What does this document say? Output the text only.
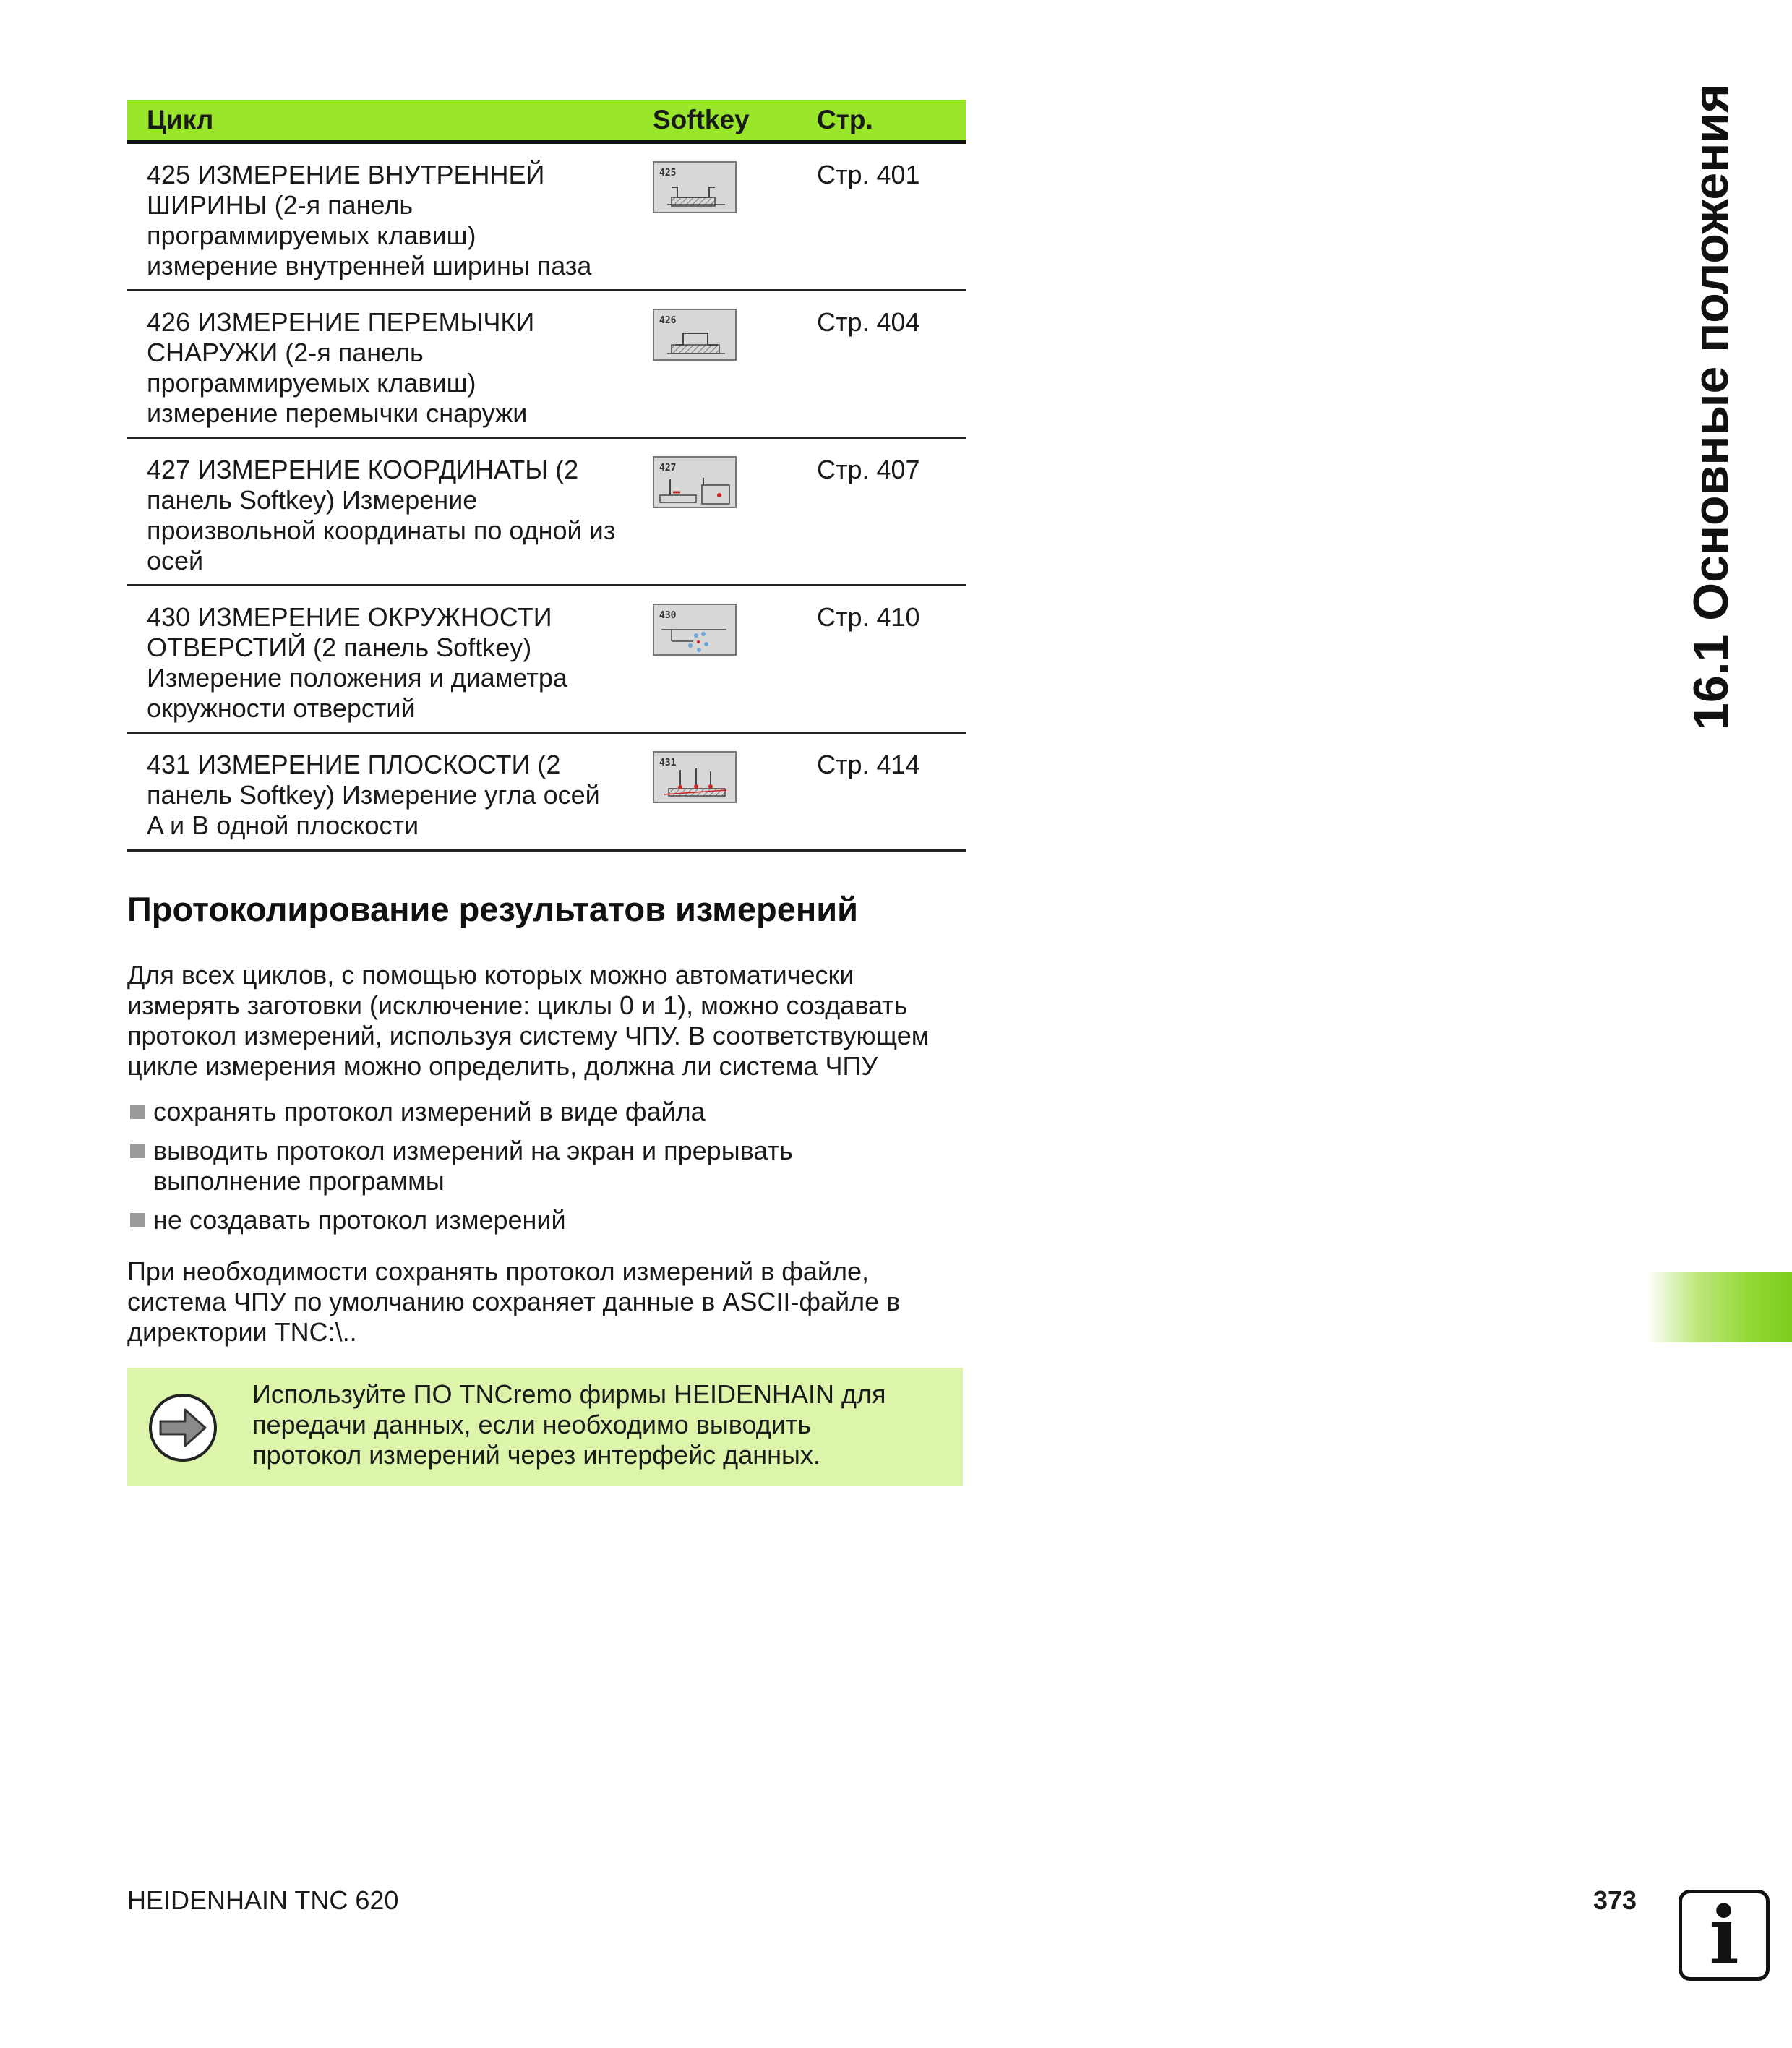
Цикл	Softkey	Стр.
425 ИЗМЕРЕНИЕ ВНУТРЕННЕЙ
ШИРИНЫ (2-я панель
программируемых клавиш)
измерение внутренней ширины паза
425	Стр. 401
426 ИЗМЕРЕНИЕ ПЕРЕМЫЧКИ
СНАРУЖИ (2-я панель
программируемых клавиш)
измерение перемычки снаружи
426	Стр. 404
427 ИЗМЕРЕНИЕ КООРДИНАТЫ (2
панель Softkey) Измерение
произвольной координаты по одной из
осей
427	Стр. 407
430 ИЗМЕРЕНИЕ ОКРУЖНОСТИ
ОТВЕРСТИЙ (2 панель Softkey)
Измерение положения и диаметра
окружности отверстий
430	Стр. 410
431 ИЗМЕРЕНИЕ ПЛОСКОСТИ (2
панель Softkey) Измерение угла осей
A и B одной плоскости
431	Стр. 414
Протоколирование результатов измерений
Для всех циклов, с помощью которых можно автоматически
измерять заготовки (исключение: циклы 0 и 1), можно создавать
протокол измерений, используя систему ЧПУ. В соответствующем
цикле измерения можно определить, должна ли система ЧПУ
сохранять протокол измерений в виде файла
выводить протокол измерений на экран и прерывать
выполнение программы
не создавать протокол измерений
При необходимости сохранять протокол измерений в файле,
система ЧПУ по умолчанию сохраняет данные в ASCII-файле в
директории TNC:\..
Используйте ПО TNCremo фирмы HEIDENHAIN для
передачи данных, если необходимо выводить
протокол измерений через интерфейс данных.
16.1 Основные положения
HEIDENHAIN TNC 620	373 i
